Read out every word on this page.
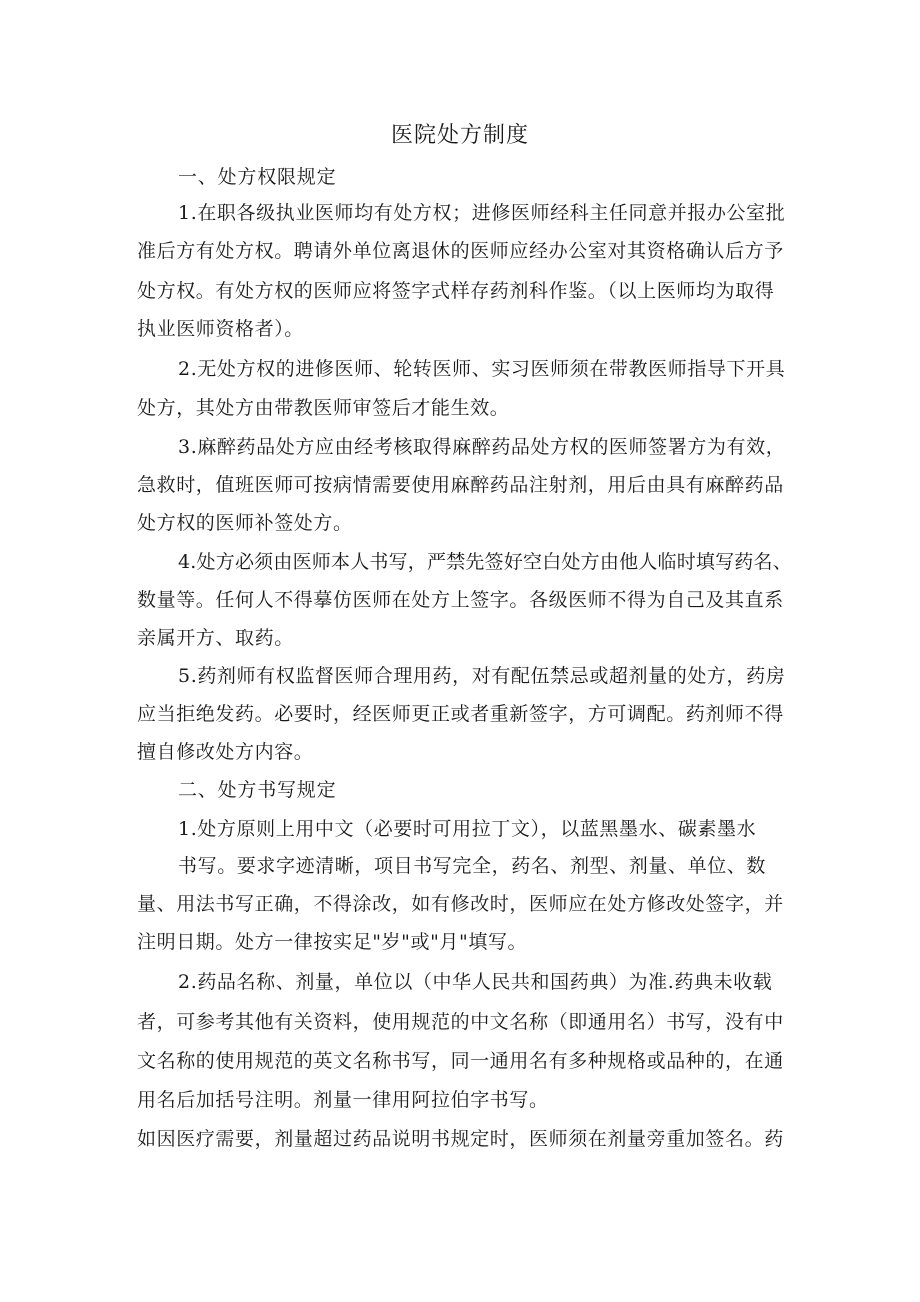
医院处方制度
一、处方权限规定
1.在职各级执业医师均有处方权；进修医师经科主任同意并报办公室批
准后方有处方权。聘请外单位离退休的医师应经办公室对其资格确认后方予
处方权。有处方权的医师应将签字式样存药剂科作鉴。（以上医师均为取得
执业医师资格者）。
2.无处方权的进修医师、轮转医师、实习医师须在带教医师指导下开具
处方，其处方由带教医师审签后才能生效。
3.麻醉药品处方应由经考核取得麻醉药品处方权的医师签署方为有效，
急救时，值班医师可按病情需要使用麻醉药品注射剂，用后由具有麻醉药品
处方权的医师补签处方。
4.处方必须由医师本人书写，严禁先签好空白处方由他人临时填写药名、
数量等。任何人不得摹仿医师在处方上签字。各级医师不得为自己及其直系
亲属开方、取药。
5.药剂师有权监督医师合理用药，对有配伍禁忌或超剂量的处方，药房
应当拒绝发药。必要时，经医师更正或者重新签字，方可调配。药剂师不得
擅自修改处方内容。
二、处方书写规定
1.处方原则上用中文（必要时可用拉丁文），以蓝黑墨水、碳素墨水
书写。要求字迹清晰，项目书写完全，药名、剂型、剂量、单位、数
量、用法书写正确，不得涂改，如有修改时，医师应在处方修改处签字，并
注明日期。处方一律按实足"岁"或"月"填写。
2.药品名称、剂量，单位以（中华人民共和国药典）为准.药典未收载
者，可参考其他有关资料，使用规范的中文名称（即通用名）书写，没有中
文名称的使用规范的英文名称书写，同一通用名有多种规格或品种的，在通
用名后加括号注明。剂量一律用阿拉伯字书写。
如因医疗需要，剂量超过药品说明书规定时，医师须在剂量旁重加签名。药
